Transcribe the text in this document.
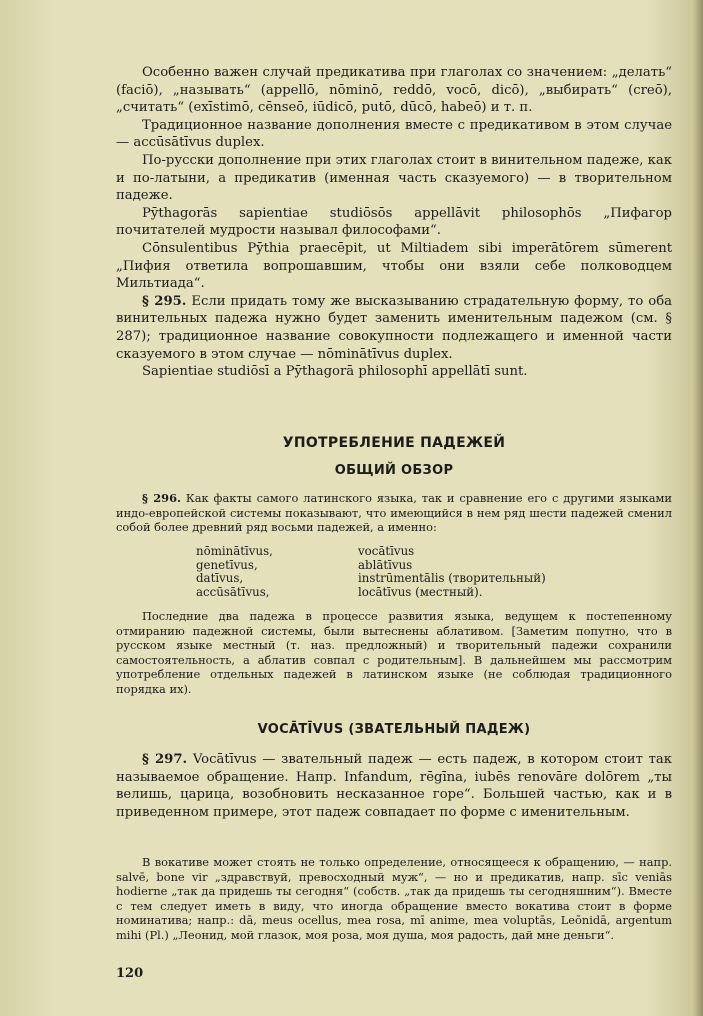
Особенно важен случай предикатива при глаголах со значением: „делать“ (faciō), „называть“ (appellō, nōminō, reddō, vocō, dicō), „выбирать“ (creō), „считать“ (exīstimō, cēnseō, iūdicō, putō, dūcō, habeō) и т. п.

Традиционное название дополнения вместе с предикативом в этом случае — accūsātīvus duplex.

По-русски дополнение при этих глаголах стоит в винительном падеже, как и по-латыни, а предикатив (именная часть сказуемого) — в творительном падеже.

Pȳthagorās sapientiae studiōsōs appellāvit philosophōs „Пифагор почитателей мудрости называл философами“.

Cōnsulentibus Pȳthia praecēpit, ut Miltiadem sibi imperātōrem sūmerent „Пифия ответила вопрошавшим, чтобы они взяли себе полководцем Мильтиада“.

§ 295. Если придать тому же высказыванию страдательную форму, то оба винительных падежа нужно будет заменить именительным падежом (см. § 287); традиционное название совокупности подлежащего и именной части сказуемого в этом случае — nōminātīvus duplex.

Sapientiae studiōsī a Pȳthagorā philosophī appellātī sunt.

УПОТРЕБЛЕНИЕ ПАДЕЖЕЙ
ОБЩИЙ ОБЗОР

§ 296. Как факты самого латинского языка, так и сравнение его с другими языками индо-европейской системы показывают, что имеющийся в нем ряд шести падежей сменил собой более древний ряд восьми падежей, а именно:

nōminātīvus,	vocātīvus
genetīvus,	ablātīvus
datīvus,	instrūmentālis (творительный)
accūsātīvus,	locātīvus (местный).

Последние два падежа в процессе развития языка, ведущем к постепенному отмиранию падежной системы, были вытеснены аблативом. [Заметим попутно, что в русском языке местный (т. наз. предложный) и творительный падежи сохранили самостоятельность, а аблатив совпал с родительным]. В дальнейшем мы рассмотрим употребление отдельных падежей в латинском языке (не соблюдая традиционного порядка их).

VOCĀTĪVUS (ЗВАТЕЛЬНЫЙ ПАДЕЖ)

§ 297. Vocātīvus — звательный падеж — есть падеж, в котором стоит так называемое обращение. Напр. Infandum, rēgīna, iubēs renovāre dolōrem „ты велишь, царица, возобновить несказанное горе“. Большей частью, как и в приведенном примере, этот падеж совпадает по форме с именительным.

В вокативе может стоять не только определение, относящееся к обращению, — напр. salvē, bone vir „здравствуй, превосходный муж“, — но и предикатив, напр. sīc veniās hodierne „так да придешь ты сегодня“ (собств. „так да придешь ты сегодняшним“). Вместе с тем следует иметь в виду, что иногда обращение вместо вокатива стоит в форме номинатива; напр.: dā, meus ocellus, mea rosa, mī anime, mea voluptās, Leōnidā, argentum mihi (Pl.) „Леонид, мой глазок, моя роза, моя душа, моя радость, дай мне деньги“.

120
